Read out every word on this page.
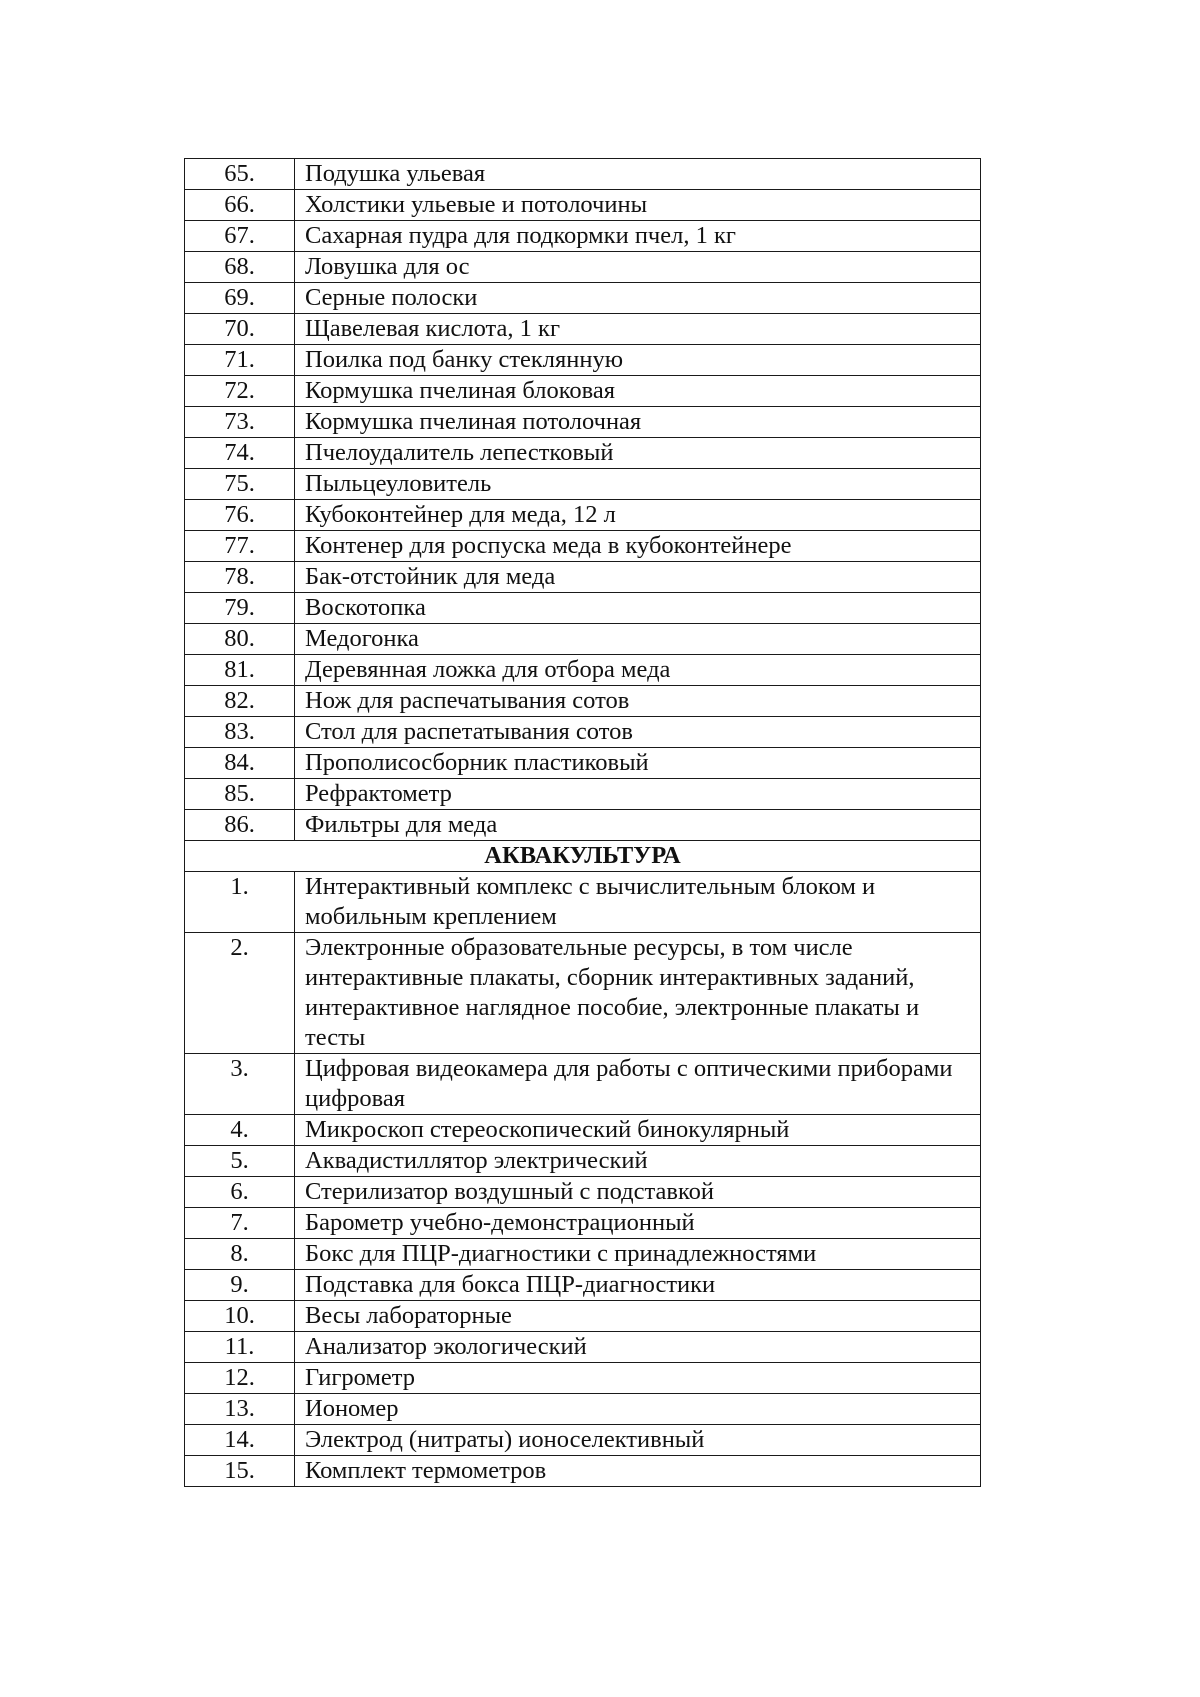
65.	Подушка ульевая
66.	Холстики ульевые и потолочины
67.	Сахарная пудра для подкормки пчел, 1 кг
68.	Ловушка для ос
69.	Серные полоски
70.	Щавелевая кислота, 1 кг
71.	Поилка под банку стеклянную
72.	Кормушка пчелиная блоковая
73.	Кормушка пчелиная потолочная
74.	Пчелоудалитель лепестковый
75.	Пыльцеуловитель
76.	Кубоконтейнер для меда, 12 л
77.	Контенер для роспуска меда в кубоконтейнере
78.	Бак-отстойник для меда
79.	Воскотопка
80.	Медогонка
81.	Деревянная ложка для отбора меда
82.	Нож для распечатывания сотов
83.	Стол для распетатывания сотов
84.	Прополисосборник пластиковый
85.	Рефрактометр
86.	Фильтры для меда
АКВАКУЛЬТУРА	
1.	Интерактивный комплекс с вычислительным блоком и мобильным креплением
2.	Электронные образовательные ресурсы, в том числе интерактивные плакаты, сборник интерактивных заданий, интерактивное наглядное пособие, электронные плакаты и тесты
3.	Цифровая видеокамера для работы с оптическими приборами цифровая
4.	Микроскоп стереоскопический бинокулярный
5.	Аквадистиллятор электрический
6.	Стерилизатор воздушный с подставкой
7.	Барометр учебно-демонстрационный
8.	Бокс для ПЦР-диагностики с принадлежностями
9.	Подставка для бокса ПЦР-диагностики
10.	Весы лабораторные
11.	Анализатор экологический
12.	Гигрометр
13.	Иономер
14.	Электрод (нитраты) ионоселективный
15.	Комплект термометров
